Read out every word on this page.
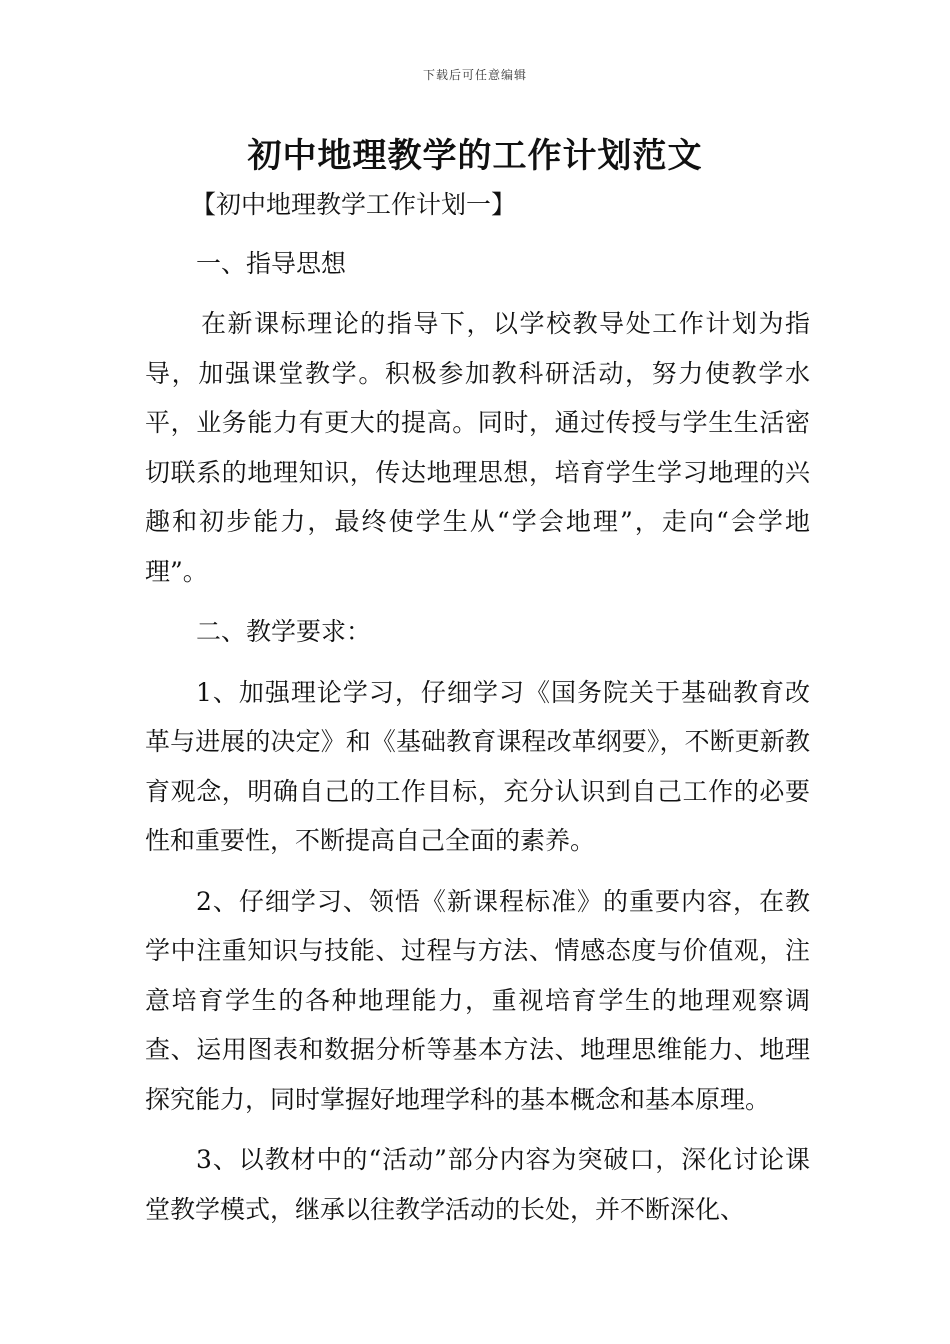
下载后可任意编辑
初中地理教学的工作计划范文

【初中地理教学工作计划一】

一、指导思想

在新课标理论的指导下，以学校教导处工作计划为指导，加强课堂教学。积极参加教科研活动，努力使教学水平，业务能力有更大的提高。同时，通过传授与学生生活密切联系的地理知识，传达地理思想，培育学生学习地理的兴趣和初步能力，最终使学生从“学会地理”，走向“会学地理”。

二、教学要求：

1、加强理论学习，仔细学习《国务院关于基础教育改革与进展的决定》和《基础教育课程改革纲要》，不断更新教育观念，明确自己的工作目标，充分认识到自己工作的必要性和重要性，不断提高自己全面的素养。

2、仔细学习、领悟《新课程标准》的重要内容，在教学中注重知识与技能、过程与方法、情感态度与价值观，注意培育学生的各种地理能力，重视培育学生的地理观察调查、运用图表和数据分析等基本方法、地理思维能力、地理探究能力，同时掌握好地理学科的基本概念和基本原理。

3、以教材中的“活动”部分内容为突破口，深化讨论课堂教学模式，继承以往教学活动的长处，并不断深化、
